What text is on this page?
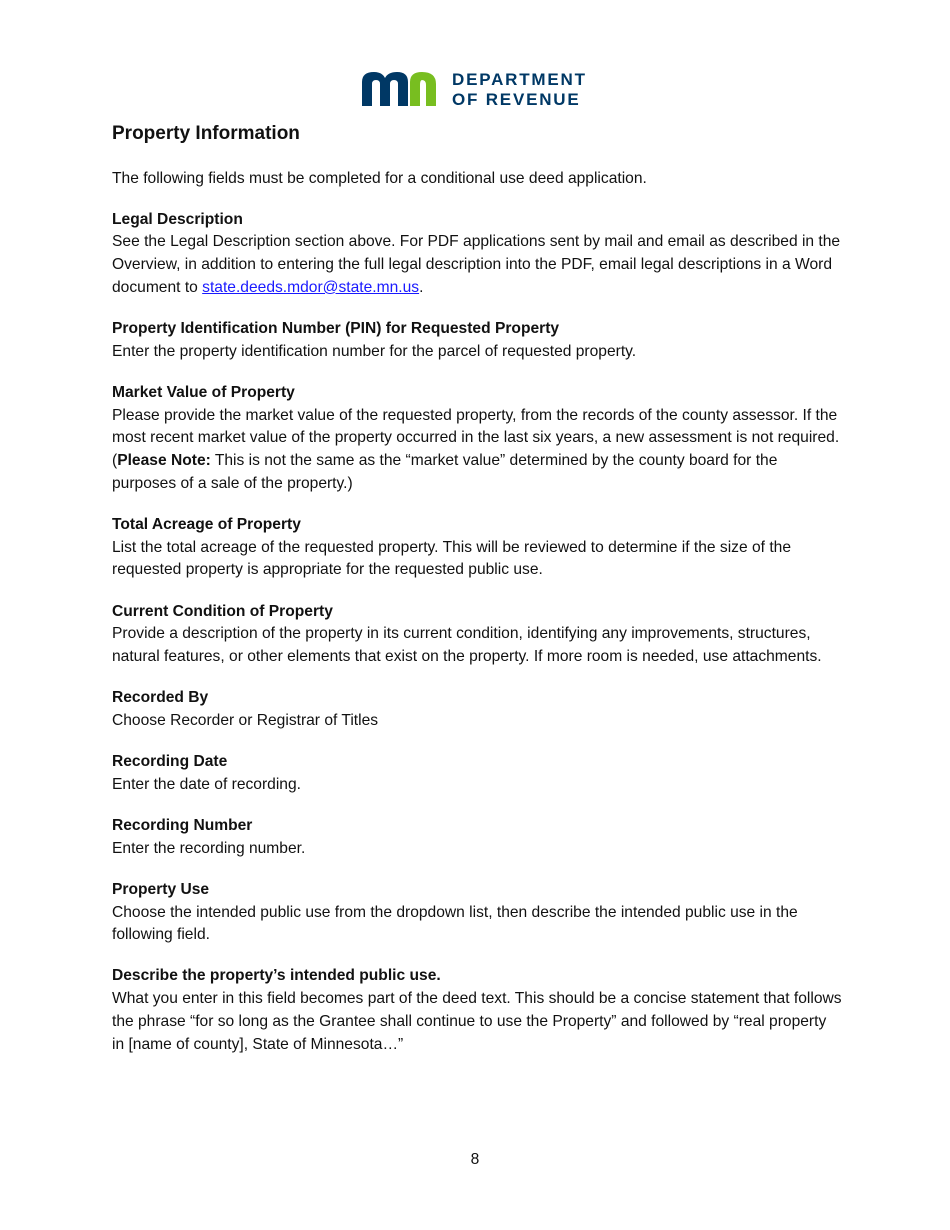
DEPARTMENT
OF REVENUE
Property Information

The following fields must be completed for a conditional use deed application.

Legal Description

See the Legal Description section above. For PDF applications sent by mail and email as described in the Overview, in addition to entering the full legal description into the PDF, email legal descriptions in a Word document to state.deeds.mdor@state.mn.us.

Property Identification Number (PIN) for Requested Property

Enter the property identification number for the parcel of requested property.

Market Value of Property

Please provide the market value of the requested property, from the records of the county assessor. If the most recent market value of the property occurred in the last six years, a new assessment is not required. (Please Note: This is not the same as the “market value” determined by the county board for the purposes of a sale of the property.)

Total Acreage of Property

List the total acreage of the requested property. This will be reviewed to determine if the size of the requested property is appropriate for the requested public use.

Current Condition of Property

Provide a description of the property in its current condition, identifying any improvements, structures, natural features, or other elements that exist on the property. If more room is needed, use attachments.

Recorded By

Choose Recorder or Registrar of Titles

Recording Date

Enter the date of recording.

Recording Number

Enter the recording number.

Property Use

Choose the intended public use from the dropdown list, then describe the intended public use in the following field.

Describe the property’s intended public use.

What you enter in this field becomes part of the deed text. This should be a concise statement that follows the phrase “for so long as the Grantee shall continue to use the Property” and followed by “real property in [name of county], State of Minnesota…”

8
